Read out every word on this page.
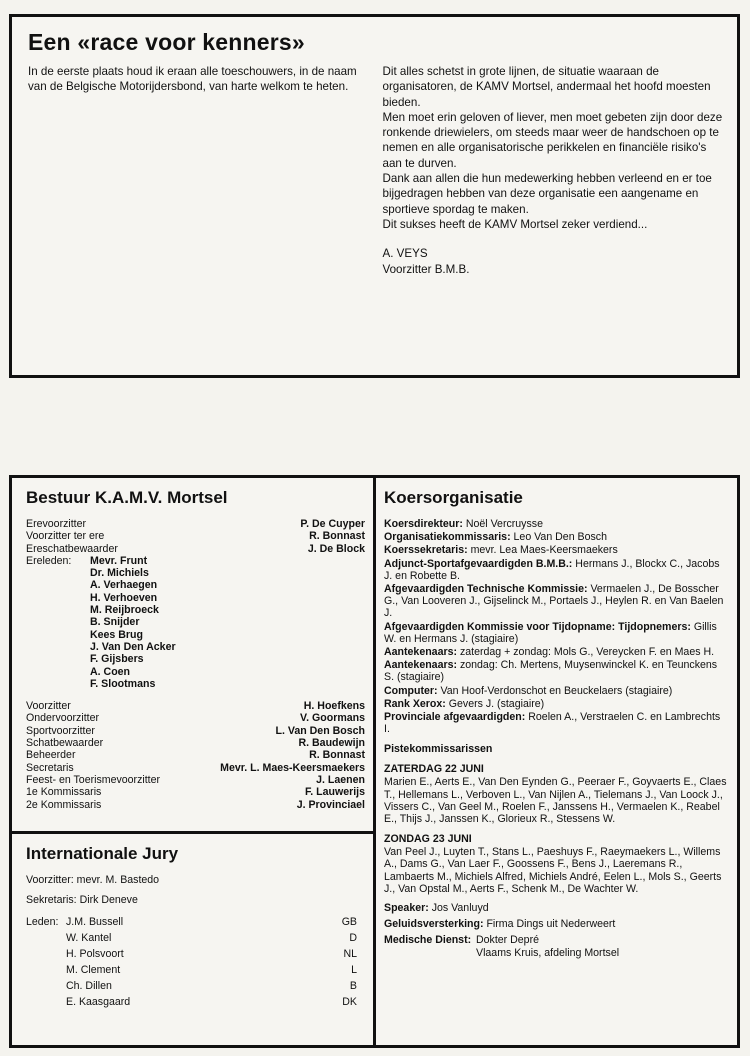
Een «race voor kenners»

In de eerste plaats houd ik eraan alle toeschouwers, in de naam van de Belgische Motorijdersbond, van harte welkom te heten.

Dit alles schetst in grote lijnen, de situatie waaraan de organisatoren, de KAMV Mortsel, andermaal het hoofd moesten bieden.

Men moet erin geloven of liever, men moet gebeten zijn door deze ronkende driewielers, om steeds maar weer de handschoen op te nemen en alle organisatorische perikkelen en financiële risiko's aan te durven.

Dank aan allen die hun medewerking hebben verleend en er toe bijgedragen hebben van deze organisatie een aangename en sportieve spordag te maken.

Dit sukses heeft de KAMV Mortsel zeker verdiend...

A. VEYS

Voorzitter B.M.B.

Bestuur K.A.M.V. Mortsel
Erevoorzitter	P. De Cuyper
Voorzitter ter ere	R. Bonnast
Ereschatbewaarder	J. De Block
Ereleden:	Mevr. Frunt
Dr. Michiels
A. Verhaegen
H. Verhoeven
M. Reijbroeck
B. Snijder
Kees Brug
J. Van Den Acker
F. Gijsbers
A. Coen
F. Slootmans
Voorzitter	H. Hoefkens
Ondervoorzitter	V. Goormans
Sportvoorzitter	L. Van Den Bosch
Schatbewaarder	R. Baudewijn
Beheerder	R. Bonnast
Secretaris	Mevr. L. Maes-Keersmaekers
Feest- en Toerismevoorzitter	J. Laenen
1e Kommissaris	F. Lauwerijs
2e Kommissaris	J. Provinciael
Internationale Jury
Voorzitter: mevr. M. Bastedo
Sekretaris: Dirk Deneve
Leden: J.M. Bussell	GB
W. Kantel	D
H. Polsvoort	NL
M. Clement	L
Ch. Dillen	B
E. Kaasgaard	DK
Koersorganisatie
Koersdirekteur: Noël Vercruysse
Organisatiekommissaris: Leo Van Den Bosch
Koerssekretaris: mevr. Lea Maes-Keersmaekers
Adjunct-Sportafgevaardigden B.M.B.: Hermans J., Blockx C., Jacobs J. en Robette B.
Afgevaardigden Technische Kommissie: Vermaelen J., De Bosscher G., Van Looveren J., Gijselinck M., Portaels J., Heylen R. en Van Baelen J.
Afgevaardigden Kommissie voor Tijdopname: Tijdopnemers: Gillis W. en Hermans J. (stagiaire)
Aantekenaars: zaterdag + zondag: Mols G., Vereycken F. en Maes H.
Aantekenaars: zondag: Ch. Mertens, Muysenwinckel K. en Teunckens S. (stagiaire)
Computer: Van Hoof-Verdonschot en Beuckelaers (stagiaire)
Rank Xerox: Gevers J. (stagiaire)
Provinciale afgevaardigden: Roelen A., Verstraelen C. en Lambrechts I.
Pistekommissarissen
ZATERDAG 22 JUNI
Marien E., Aerts E., Van Den Eynden G., Peeraer F., Goyvaerts E., Claes T., Hellemans L., Verboven L., Van Nijlen A., Tielemans J., Van Loock J., Vissers C., Van Geel M., Roelen F., Janssens H., Vermaelen K., Reabel E., Thijs J., Janssen K., Glorieux R., Stessens W.
ZONDAG 23 JUNI
Van Peel J., Luyten T., Stans L., Paeshuys F., Raeymaekers L., Willems A., Dams G., Van Laer F., Goossens F., Bens J., Laeremans R., Lambaerts M., Michiels Alfred, Michiels André, Eelen L., Mols S., Geerts J., Van Opstal M., Aerts F., Schenk M., De Wachter W.
Speaker: Jos Vanluyd
Geluidsversterking: Firma Dings uit Nederweert
Medische Dienst: Dokter Depré
Vlaams Kruis, afdeling Mortsel
